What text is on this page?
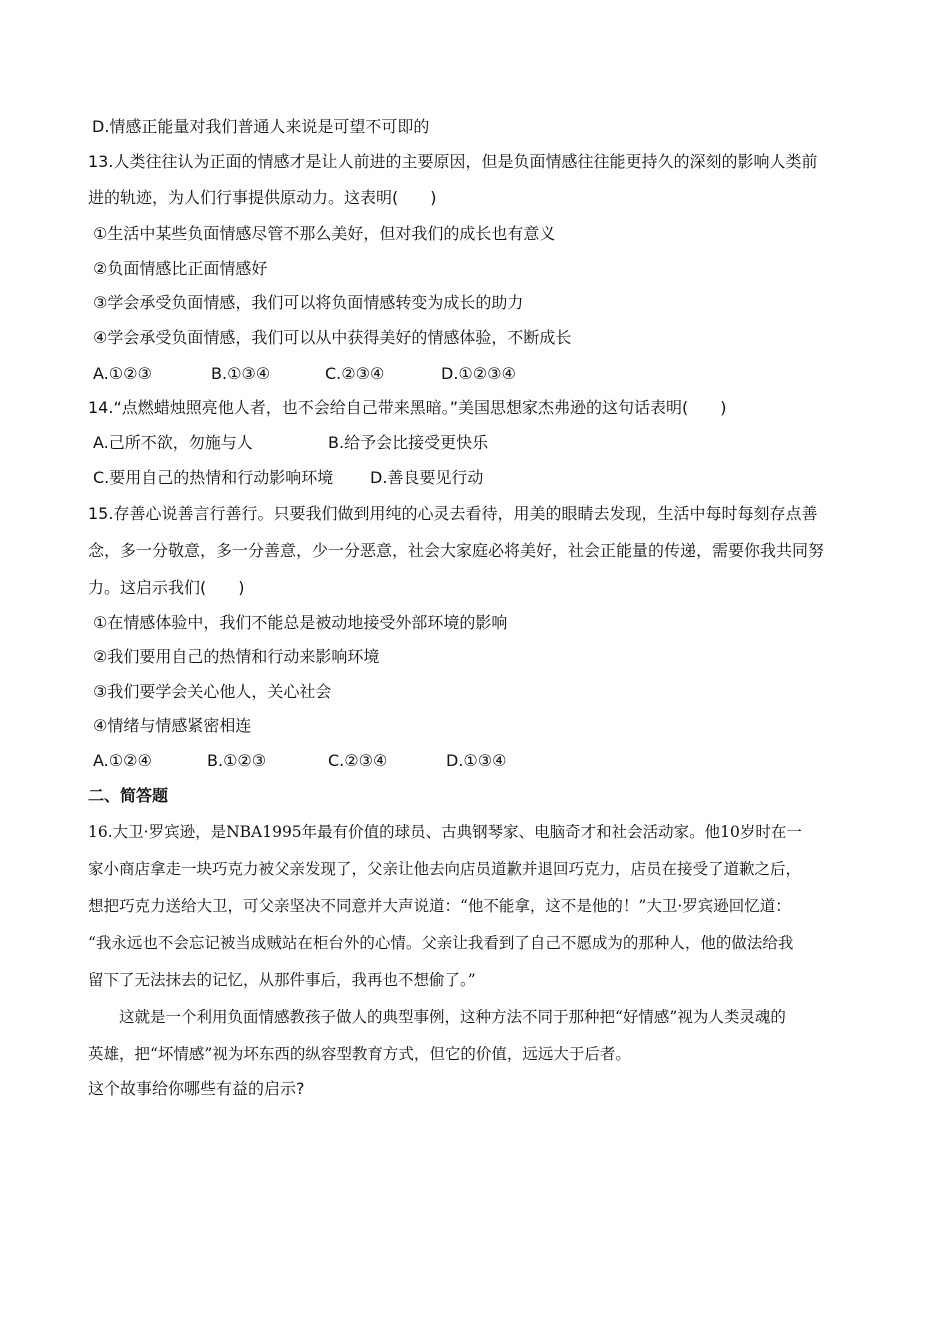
D.情感正能量对我们普通人来说是可望不可即的
13.人类往往认为正面的情感才是让人前进的主要原因，但是负面情感往往能更持久的深刻的影响人类前
进的轨迹，为人们行事提供原动力。这表明(　　)
①生活中某些负面情感尽管不那么美好，但对我们的成长也有意义
②负面情感比正面情感好
③学会承受负面情感，我们可以将负面情感转变为成长的助力
④学会承受负面情感，我们可以从中获得美好的情感体验，不断成长
A.①②③	B.①③④	C.②③④	D.①②③④
14.“点燃蜡烛照亮他人者，也不会给自己带来黑暗。”美国思想家杰弗逊的这句话表明(　　)
A.己所不欲，勿施与人	B.给予会比接受更快乐
C.要用自己的热情和行动影响环境 D.善良要见行动
15.存善心说善言行善行。只要我们做到用纯的心灵去看待，用美的眼睛去发现，生活中每时每刻存点善
念，多一分敬意，多一分善意，少一分恶意，社会大家庭必将美好，社会正能量的传递，需要你我共同努
力。这启示我们(　　)
①在情感体验中，我们不能总是被动地接受外部环境的影响
②我们要用自己的热情和行动来影响环境
③我们要学会关心他人，关心社会
④情绪与情感紧密相连
A.①②④	B.①②③	C.②③④	D.①③④
二、简答题
16.大卫·罗宾逊，是NBA1995年最有价值的球员、古典钢琴家、电脑奇才和社会活动家。他10岁时在一
家小商店拿走一块巧克力被父亲发现了，父亲让他去向店员道歉并退回巧克力，店员在接受了道歉之后，
想把巧克力送给大卫，可父亲坚决不同意并大声说道：“他不能拿，这不是他的！”大卫·罗宾逊回忆道：
“我永远也不会忘记被当成贼站在柜台外的心情。父亲让我看到了自己不愿成为的那种人，他的做法给我
留下了无法抹去的记忆，从那件事后，我再也不想偷了。”
　　这就是一个利用负面情感教孩子做人的典型事例，这种方法不同于那种把“好情感”视为人类灵魂的
英雄，把“坏情感”视为坏东西的纵容型教育方式，但它的价值，远远大于后者。
这个故事给你哪些有益的启示?
